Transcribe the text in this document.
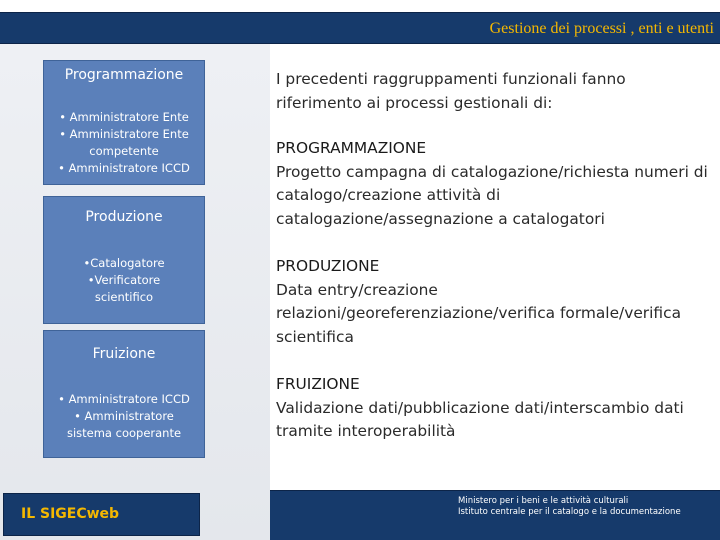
Gestione dei processi , enti e utenti
Programmazione
• Amministratore Ente
• Amministratore Ente
competente
• Amministratore ICCD
Produzione
•Catalogatore
•Verificatore
scientifico
Fruizione
• Amministratore ICCD
• Amministratore
sistema cooperante
IL SIGECweb
I precedenti raggruppamenti funzionali fanno riferimento ai processi gestionali di:
PROGRAMMAZIONE
Progetto campagna di catalogazione/richiesta numeri di catalogo/creazione attività di catalogazione/assegnazione a catalogatori
PRODUZIONE
Data entry/creazione relazioni/georeferenziazione/verifica formale/verifica scientifica
FRUIZIONE
Validazione dati/pubblicazione dati/interscambio dati tramite interoperabilità
Ministero per i beni e le attività culturali
Istituto centrale per il catalogo e la documentazione
